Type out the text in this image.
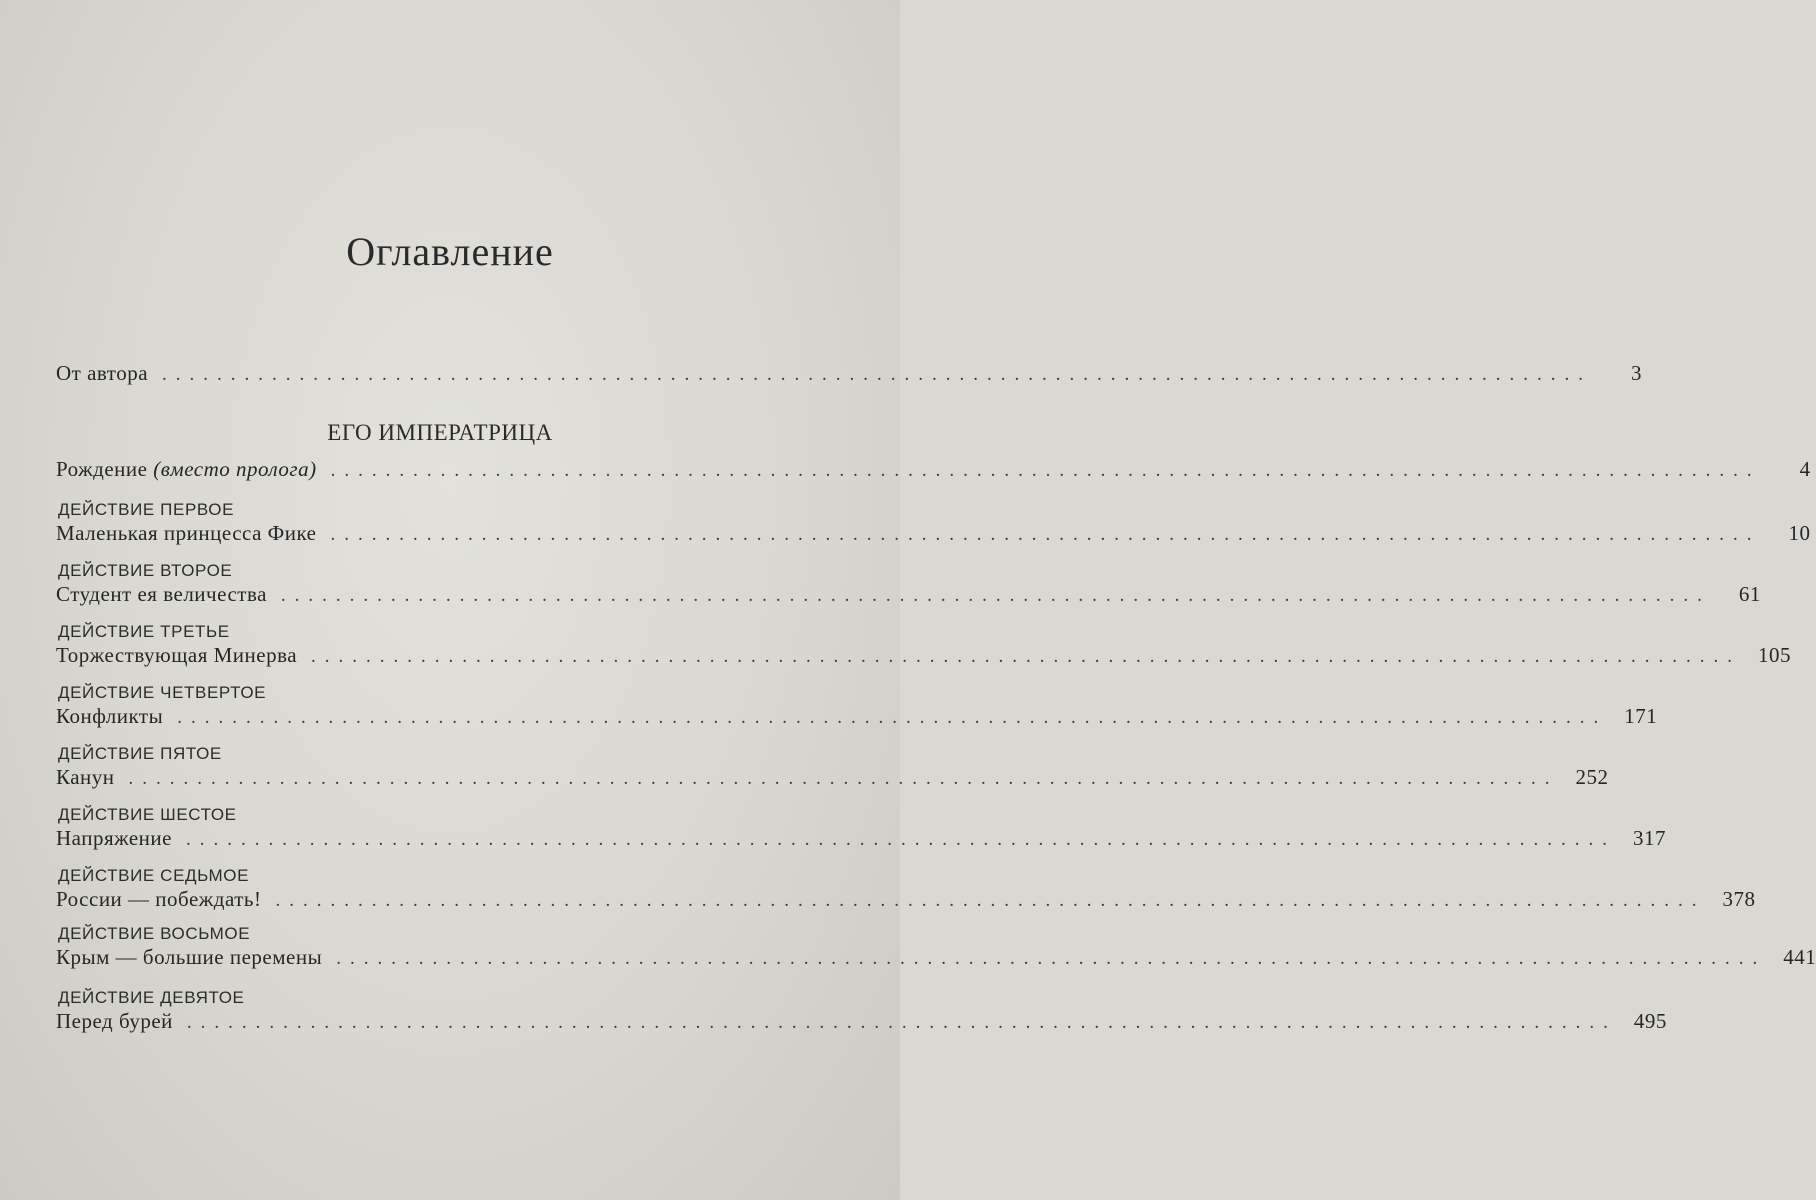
Оглавление
От автора ........................................................................................................	3
ЕГО ИМПЕРАТРИЦА
Рождение (вместо пролога) ........................................................................................................	4
ДЕЙСТВИЕ ПЕРВОЕ
Маленькая принцесса Фике ........................................................................................................	10
ДЕЙСТВИЕ ВТОРОЕ
Студент ея величества ........................................................................................................	61
ДЕЙСТВИЕ ТРЕТЬЕ
Торжествующая Минерва ........................................................................................................ 105
ДЕЙСТВИЕ ЧЕТВЕРТОЕ
Конфликты ........................................................................................................ 171
ДЕЙСТВИЕ ПЯТОЕ
Канун ........................................................................................................ 252
ДЕЙСТВИЕ ШЕСТОЕ
Напряжение ........................................................................................................ 317
ДЕЙСТВИЕ СЕДЬМОЕ
России — побеждать! ........................................................................................................ 378
ДЕЙСТВИЕ ВОСЬМОЕ
Крым — большие перемены ........................................................................................................ 441
ДЕЙСТВИЕ ДЕВЯТОЕ
Перед бурей ........................................................................................................ 495
